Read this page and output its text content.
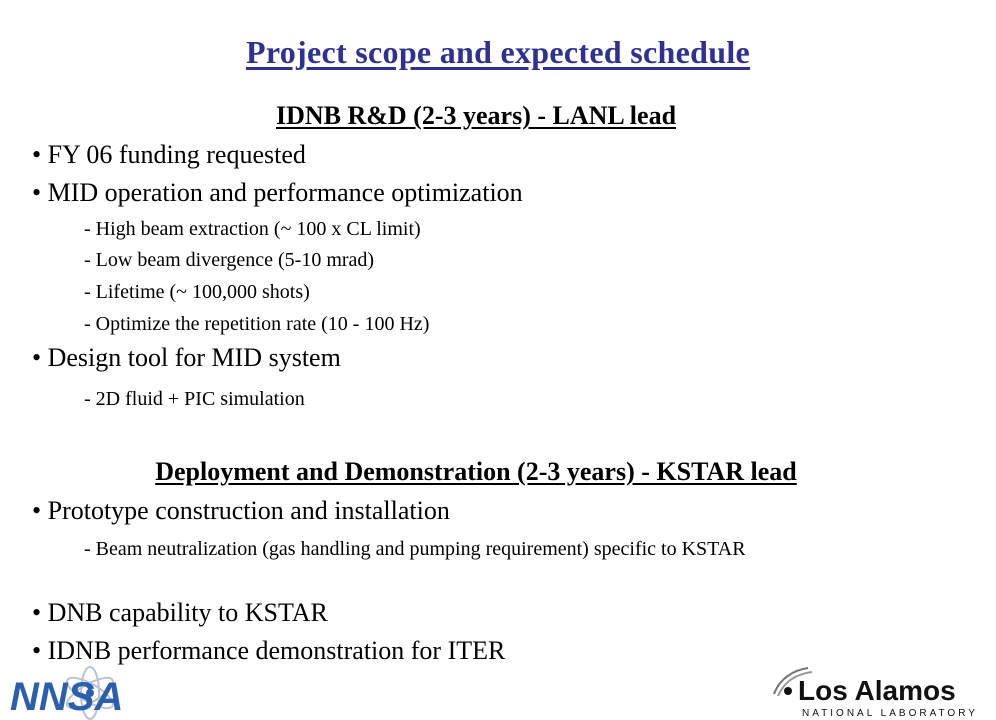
Project scope and expected schedule
IDNB R&D (2-3 years) - LANL lead
• FY 06 funding requested
• MID operation and performance optimization
- High beam extraction (~ 100 x CL limit)
- Low beam divergence (5-10 mrad)
- Lifetime (~ 100,000 shots)
- Optimize the repetition rate (10 - 100 Hz)
• Design tool for MID system
- 2D fluid + PIC simulation
Deployment and Demonstration (2-3 years) - KSTAR lead
• Prototype construction and installation
- Beam neutralization (gas handling and pumping requirement) specific to KSTAR
• DNB capability to KSTAR
• IDNB performance demonstration for ITER
NNSA	Los Alamos
NATIONAL LABORATORY
